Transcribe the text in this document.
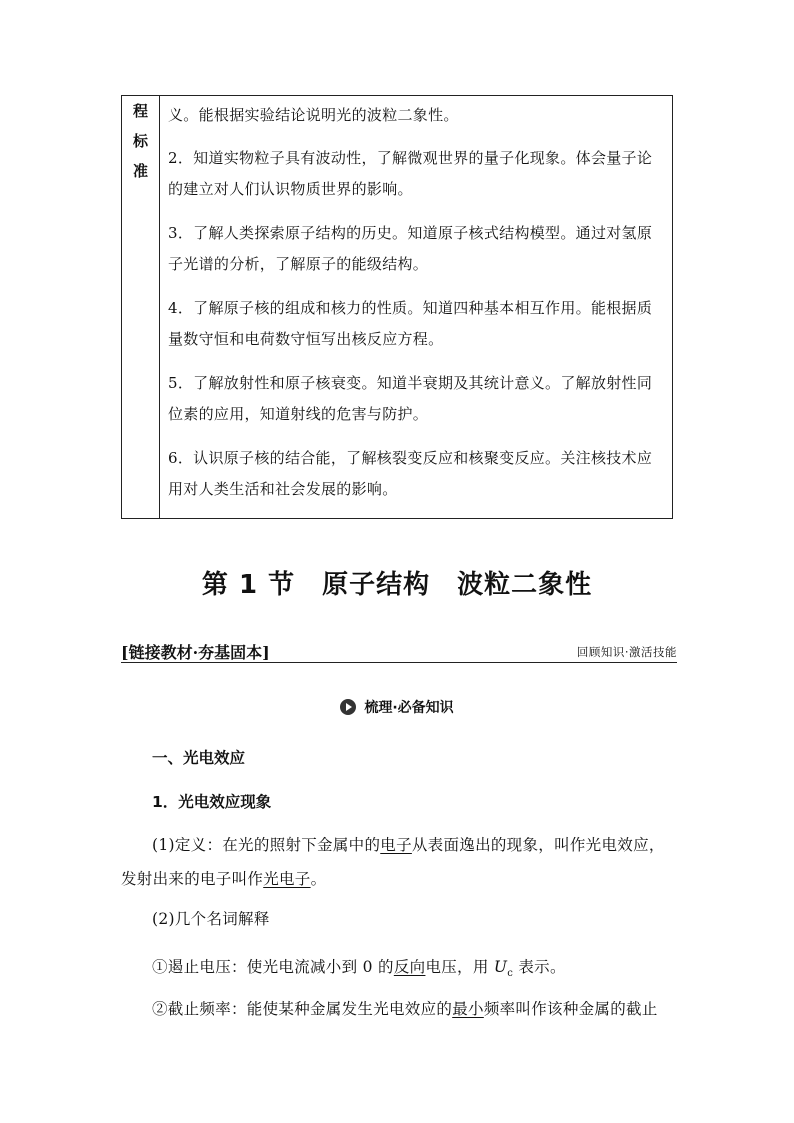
程
标
准

义。能根据实验结论说明光的波粒二象性。

2．知道实物粒子具有波动性，了解微观世界的量子化现象。体会量子论的建立对人们认识物质世界的影响。

3．了解人类探索原子结构的历史。知道原子核式结构模型。通过对氢原子光谱的分析，了解原子的能级结构。

4．了解原子核的组成和核力的性质。知道四种基本相互作用。能根据质量数守恒和电荷数守恒写出核反应方程。

5．了解放射性和原子核衰变。知道半衰期及其统计意义。了解放射性同位素的应用，知道射线的危害与防护。

6．认识原子核的结合能，了解核裂变反应和核聚变反应。关注核技术应用对人类生活和社会发展的影响。

第 1 节　原子结构　波粒二象性
[链接教材·夯基固本]	回顾知识·激活技能
梳理·必备知识
一、光电效应
1．光电效应现象
(1)定义：在光的照射下金属中的电子从表面逸出的现象，叫作光电效应，发射出来的电子叫作光电子。
(2)几个名词解释
①遏止电压：使光电流减小到 0 的反向电压，用 $U_c$ 表示。
②截止频率：能使某种金属发生光电效应的最小频率叫作该种金属的截止
